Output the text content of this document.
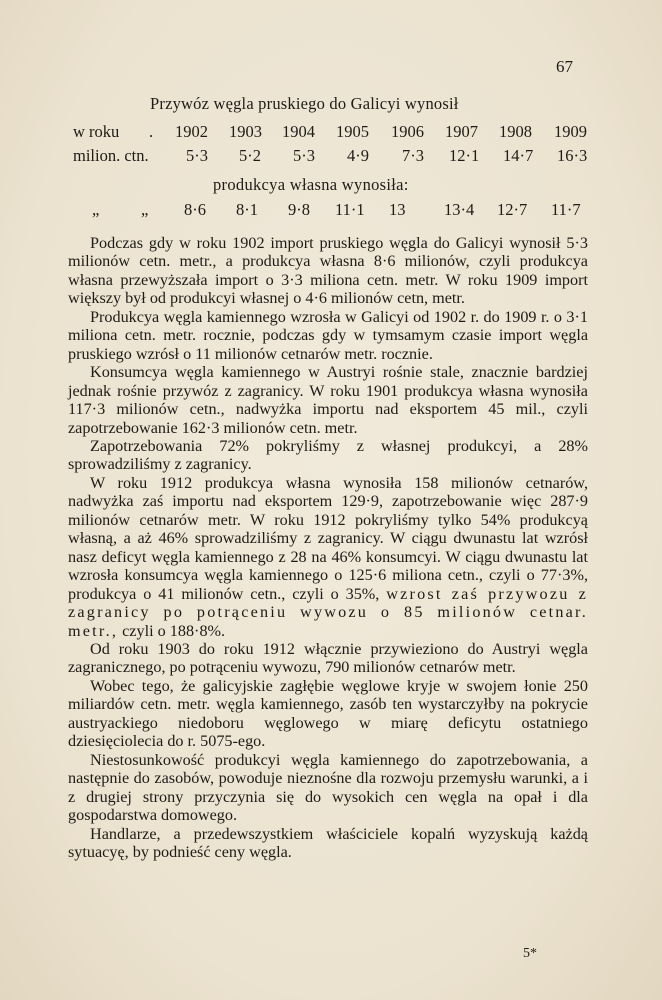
67
Przywóz węgla pruskiego do Galicyi wynosił
w roku . 1902 1903 1904 1905 1906 1907 1908 1909
milion. ctn. 5·3 5·2 5·3 4·9 7·3 12·1 14·7 16·3
produkcya własna wynosiła:
„	„ 8·6 8·1 9·8 11·1 13 13·4 12·7 11·7

Podczas gdy w roku 1902 import pruskiego węgla do Galicyi wynosił 5·3 milionów cetn. metr., a produkcya własna 8·6 milionów, czyli produkcya własna przewyższała import o 3·3 miliona cetn. metr. W roku 1909 import większy był od produkcyi własnej o 4·6 milionów cetn, metr.

Produkcya węgla kamiennego wzrosła w Galicyi od 1902 r. do 1909 r. o 3·1 miliona cetn. metr. rocznie, podczas gdy w tymsamym czasie import węgla pruskiego wzrósł o 11 milionów cetnarów metr. rocznie.

Konsumcya węgla kamiennego w Austryi rośnie stale, znacznie bardziej jednak rośnie przywóz z zagranicy. W roku 1901 produkcya własna wynosiła 117·3 milionów cetn., nadwyżka importu nad eksportem 45 mil., czyli zapotrzebowanie 162·3 milionów cetn. metr.

Zapotrzebowania 72% pokryliśmy z własnej produkcyi, a 28% sprowadziliśmy z zagranicy.

W roku 1912 produkcya własna wynosiła 158 milionów cetnarów, nadwyżka zaś importu nad eksportem 129·9, zapotrzebowanie więc 287·9 milionów cetnarów metr. W roku 1912 pokryliśmy tylko 54% produkcyą własną, a aż 46% sprowadziliśmy z zagranicy. W ciągu dwunastu lat wzrósł nasz deficyt węgla kamiennego z 28 na 46% konsumcyi. W ciągu dwunastu lat wzrosła konsumcya węgla kamiennego o 125·6 miliona cetn., czyli o 77·3%, produkcya o 41 milionów cetn., czyli o 35%, wzrost zaś przywozu z zagranicy po potrąceniu wywozu o 85 milionów cetnar. metr., czyli o 188·8%.

Od roku 1903 do roku 1912 włącznie przywieziono do Austryi węgla zagranicznego, po potrąceniu wywozu, 790 milionów cetnarów metr.

Wobec tego, że galicyjskie zagłębie węglowe kryje w swojem łonie 250 miliardów cetn. metr. węgla kamiennego, zasób ten wystarczyłby na pokrycie austryackiego niedoboru węglowego w miarę deficytu ostatniego dziesięciolecia do r. 5075-ego.

Niestosunkowość produkcyi węgla kamiennego do zapotrzebowania, a następnie do zasobów, powoduje nieznośne dla rozwoju przemysłu warunki, a i z drugiej strony przyczynia się do wysokich cen węgla na opał i dla gospodarstwa domowego.

Handlarze, a przedewszystkiem właściciele kopalń wyzyskują każdą sytuacyę, by podnieść ceny węgla.

5*
